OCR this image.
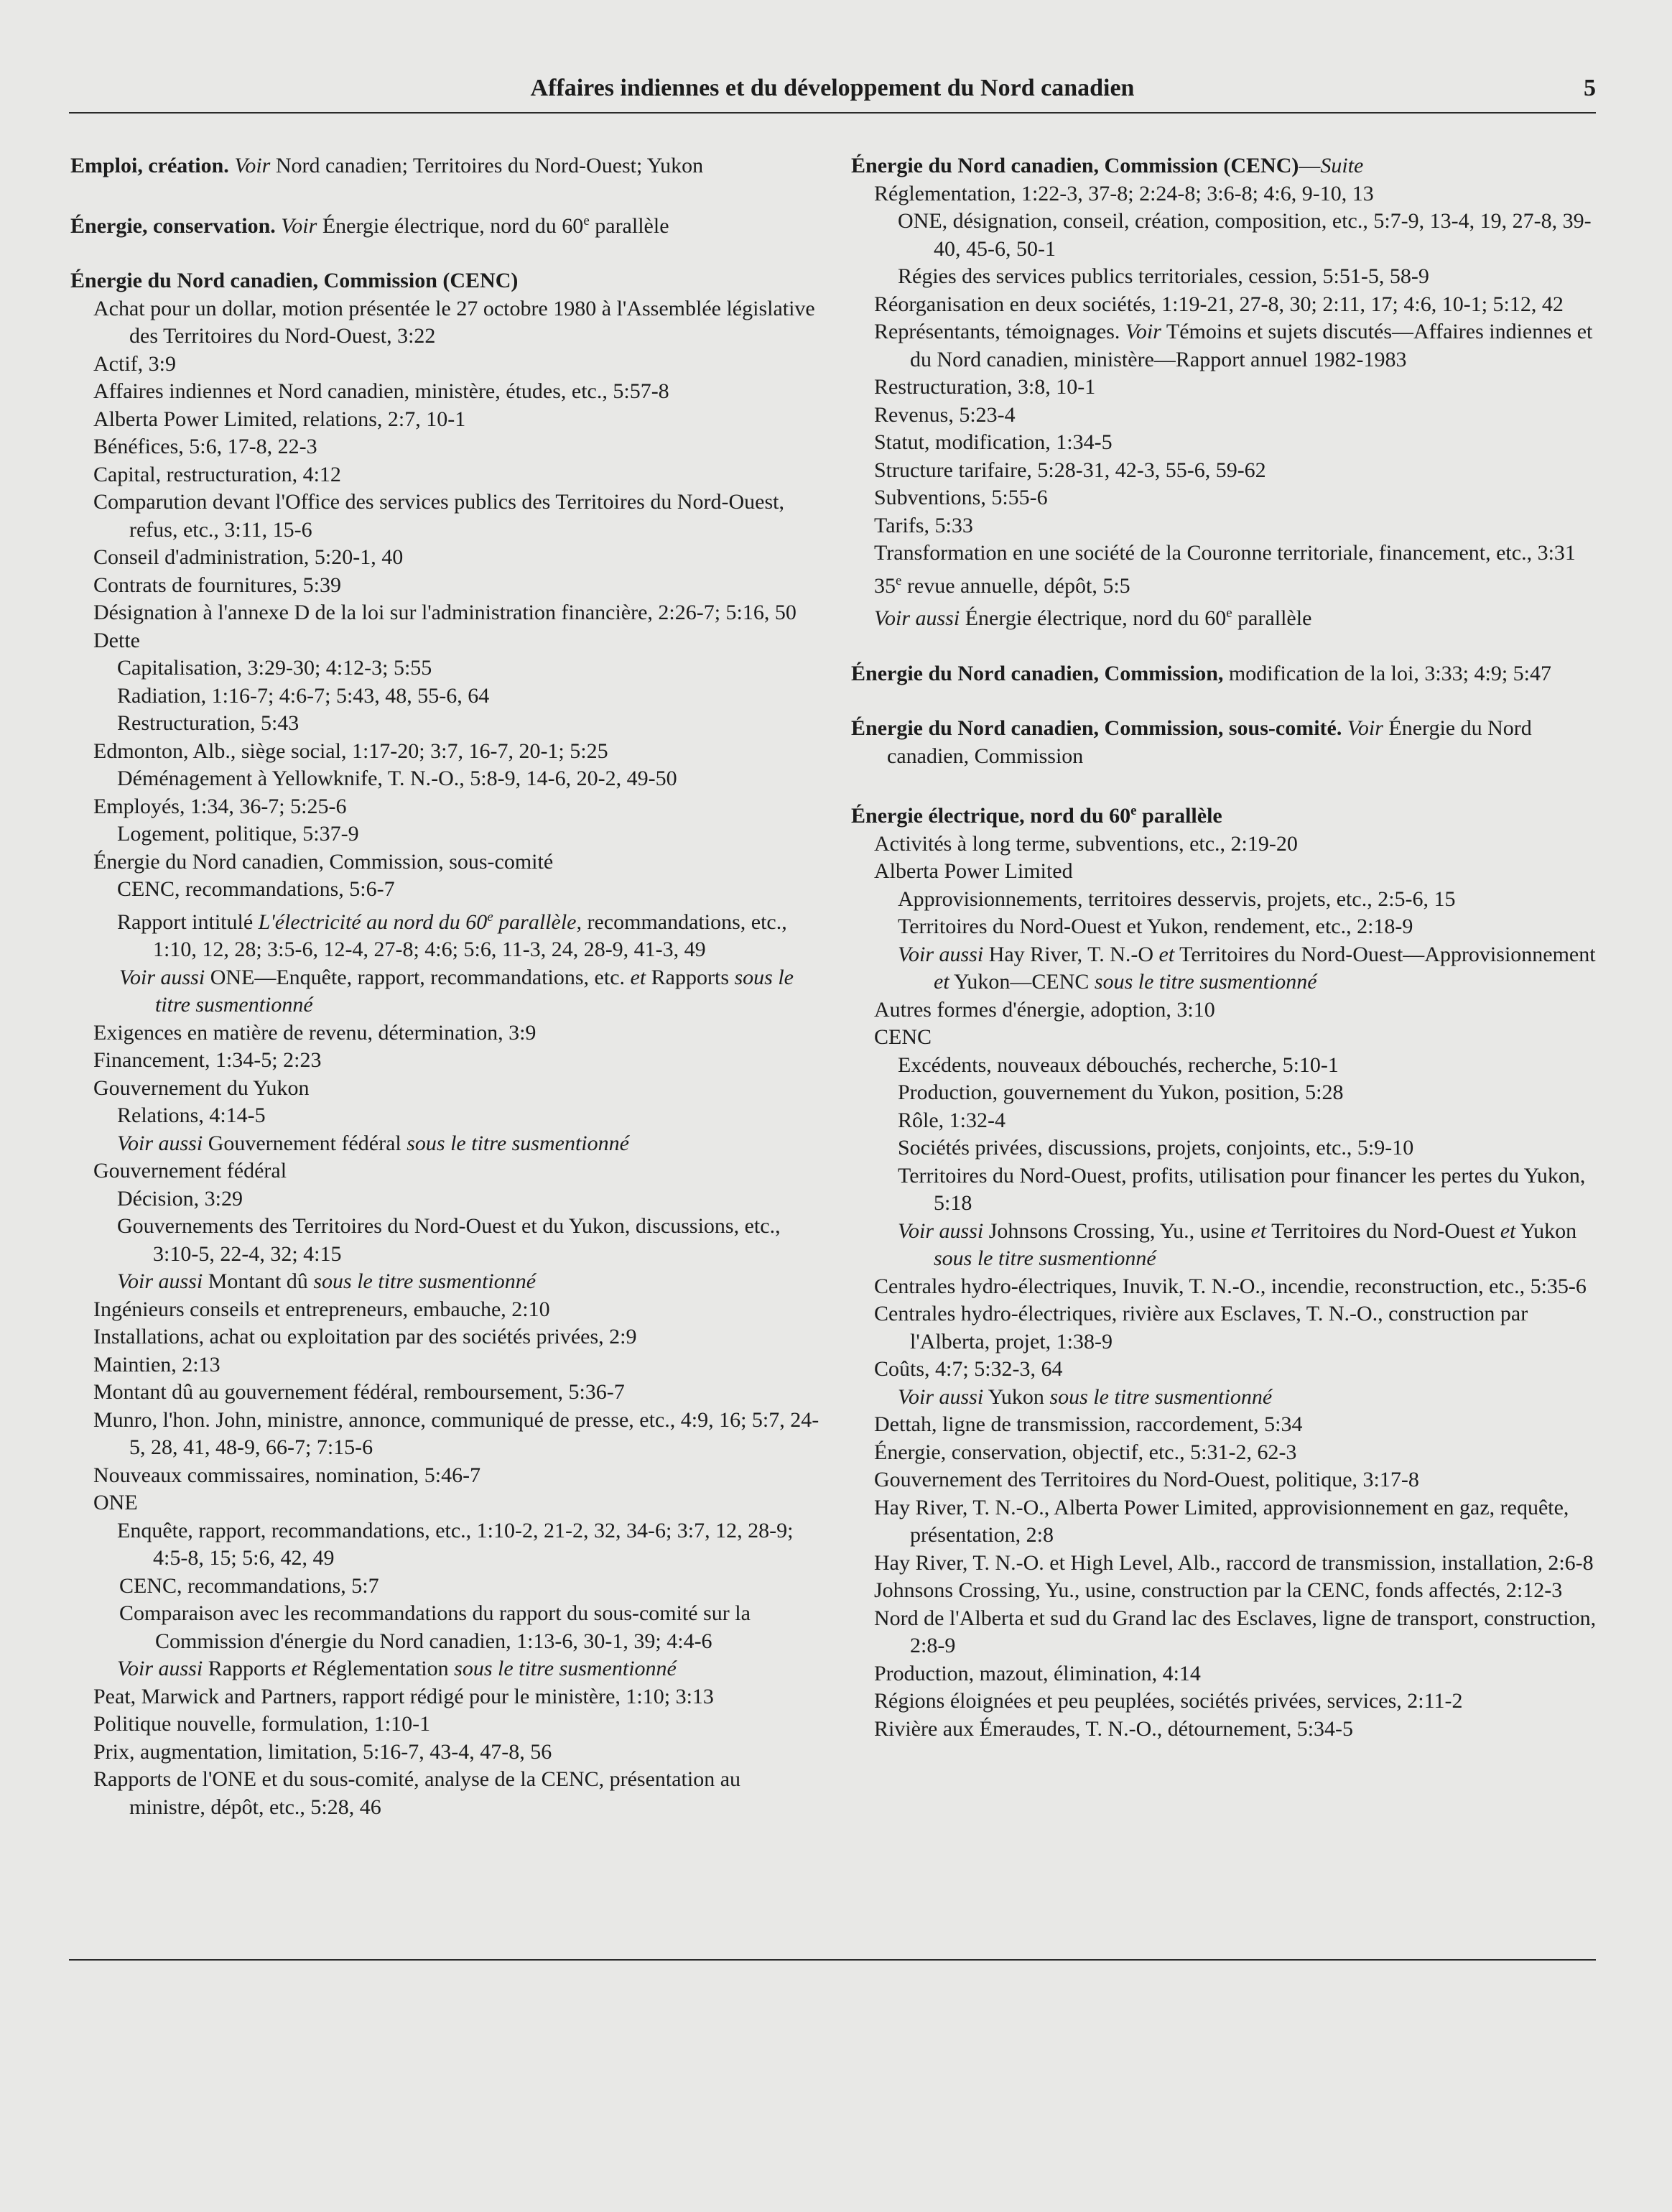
Affaires indiennes et du développement du Nord canadien	5
Emploi, création. Voir Nord canadien; Territoires du Nord-Ouest; Yukon
Énergie, conservation. Voir Énergie électrique, nord du 60e parallèle
Énergie du Nord canadien, Commission (CENC)
Achat pour un dollar, motion présentée le 27 octobre 1980 à l'Assemblée législative des Territoires du Nord-Ouest, 3:22
Actif, 3:9
Affaires indiennes et Nord canadien, ministère, études, etc., 5:57-8
Alberta Power Limited, relations, 2:7, 10-1
Bénéfices, 5:6, 17-8, 22-3
Capital, restructuration, 4:12
Comparution devant l'Office des services publics des Territoires du Nord-Ouest, refus, etc., 3:11, 15-6
Conseil d'administration, 5:20-1, 40
Contrats de fournitures, 5:39
Désignation à l'annexe D de la loi sur l'administration financière, 2:26-7; 5:16, 50
Dette
Capitalisation, 3:29-30; 4:12-3; 5:55
Radiation, 1:16-7; 4:6-7; 5:43, 48, 55-6, 64
Restructuration, 5:43
Edmonton, Alb., siège social, 1:17-20; 3:7, 16-7, 20-1; 5:25
Déménagement à Yellowknife, T. N.-O., 5:8-9, 14-6, 20-2, 49-50
Employés, 1:34, 36-7; 5:25-6
Logement, politique, 5:37-9
Énergie du Nord canadien, Commission, sous-comité
CENC, recommandations, 5:6-7
Rapport intitulé L'électricité au nord du 60e parallèle, recommandations, etc., 1:10, 12, 28; 3:5-6, 12-4, 27-8; 4:6; 5:6, 11-3, 24, 28-9, 41-3, 49
Voir aussi ONE—Enquête, rapport, recommandations, etc. et Rapports sous le titre susmentionné
Exigences en matière de revenu, détermination, 3:9
Financement, 1:34-5; 2:23
Gouvernement du Yukon
Relations, 4:14-5
Voir aussi Gouvernement fédéral sous le titre susmentionné
Gouvernement fédéral
Décision, 3:29
Gouvernements des Territoires du Nord-Ouest et du Yukon, discussions, etc., 3:10-5, 22-4, 32; 4:15
Voir aussi Montant dû sous le titre susmentionné
Ingénieurs conseils et entrepreneurs, embauche, 2:10
Installations, achat ou exploitation par des sociétés privées, 2:9
Maintien, 2:13
Montant dû au gouvernement fédéral, remboursement, 5:36-7
Munro, l'hon. John, ministre, annonce, communiqué de presse, etc., 4:9, 16; 5:7, 24-5, 28, 41, 48-9, 66-7; 7:15-6
Nouveaux commissaires, nomination, 5:46-7
ONE
Enquête, rapport, recommandations, etc., 1:10-2, 21-2, 32, 34-6; 3:7, 12, 28-9; 4:5-8, 15; 5:6, 42, 49
CENC, recommandations, 5:7
Comparaison avec les recommandations du rapport du sous-comité sur la Commission d'énergie du Nord canadien, 1:13-6, 30-1, 39; 4:4-6
Voir aussi Rapports et Réglementation sous le titre susmentionné
Peat, Marwick and Partners, rapport rédigé pour le ministère, 1:10; 3:13
Politique nouvelle, formulation, 1:10-1
Prix, augmentation, limitation, 5:16-7, 43-4, 47-8, 56
Rapports de l'ONE et du sous-comité, analyse de la CENC, présentation au ministre, dépôt, etc., 5:28, 46
Énergie du Nord canadien, Commission (CENC)—Suite
Réglementation, 1:22-3, 37-8; 2:24-8; 3:6-8; 4:6, 9-10, 13
ONE, désignation, conseil, création, composition, etc., 5:7-9, 13-4, 19, 27-8, 39-40, 45-6, 50-1
Régies des services publics territoriales, cession, 5:51-5, 58-9
Réorganisation en deux sociétés, 1:19-21, 27-8, 30; 2:11, 17; 4:6, 10-1; 5:12, 42
Représentants, témoignages. Voir Témoins et sujets discutés—Affaires indiennes et du Nord canadien, ministère—Rapport annuel 1982-1983
Restructuration, 3:8, 10-1
Revenus, 5:23-4
Statut, modification, 1:34-5
Structure tarifaire, 5:28-31, 42-3, 55-6, 59-62
Subventions, 5:55-6
Tarifs, 5:33
Transformation en une société de la Couronne territoriale, financement, etc., 3:31
35e revue annuelle, dépôt, 5:5
Voir aussi Énergie électrique, nord du 60e parallèle
Énergie du Nord canadien, Commission, modification de la loi, 3:33; 4:9; 5:47
Énergie du Nord canadien, Commission, sous-comité. Voir Énergie du Nord canadien, Commission
Énergie électrique, nord du 60e parallèle
Activités à long terme, subventions, etc., 2:19-20
Alberta Power Limited
Approvisionnements, territoires desservis, projets, etc., 2:5-6, 15
Territoires du Nord-Ouest et Yukon, rendement, etc., 2:18-9
Voir aussi Hay River, T. N.-O et Territoires du Nord-Ouest—Approvisionnement et Yukon—CENC sous le titre susmentionné
Autres formes d'énergie, adoption, 3:10
CENC
Excédents, nouveaux débouchés, recherche, 5:10-1
Production, gouvernement du Yukon, position, 5:28
Rôle, 1:32-4
Sociétés privées, discussions, projets, conjoints, etc., 5:9-10
Territoires du Nord-Ouest, profits, utilisation pour financer les pertes du Yukon, 5:18
Voir aussi Johnsons Crossing, Yu., usine et Territoires du Nord-Ouest et Yukon sous le titre susmentionné
Centrales hydro-électriques, Inuvik, T. N.-O., incendie, reconstruction, etc., 5:35-6
Centrales hydro-électriques, rivière aux Esclaves, T. N.-O., construction par l'Alberta, projet, 1:38-9
Coûts, 4:7; 5:32-3, 64
Voir aussi Yukon sous le titre susmentionné
Dettah, ligne de transmission, raccordement, 5:34
Énergie, conservation, objectif, etc., 5:31-2, 62-3
Gouvernement des Territoires du Nord-Ouest, politique, 3:17-8
Hay River, T. N.-O., Alberta Power Limited, approvisionnement en gaz, requête, présentation, 2:8
Hay River, T. N.-O. et High Level, Alb., raccord de transmission, installation, 2:6-8
Johnsons Crossing, Yu., usine, construction par la CENC, fonds affectés, 2:12-3
Nord de l'Alberta et sud du Grand lac des Esclaves, ligne de transport, construction, 2:8-9
Production, mazout, élimination, 4:14
Régions éloignées et peu peuplées, sociétés privées, services, 2:11-2
Rivière aux Émeraudes, T. N.-O., détournement, 5:34-5
